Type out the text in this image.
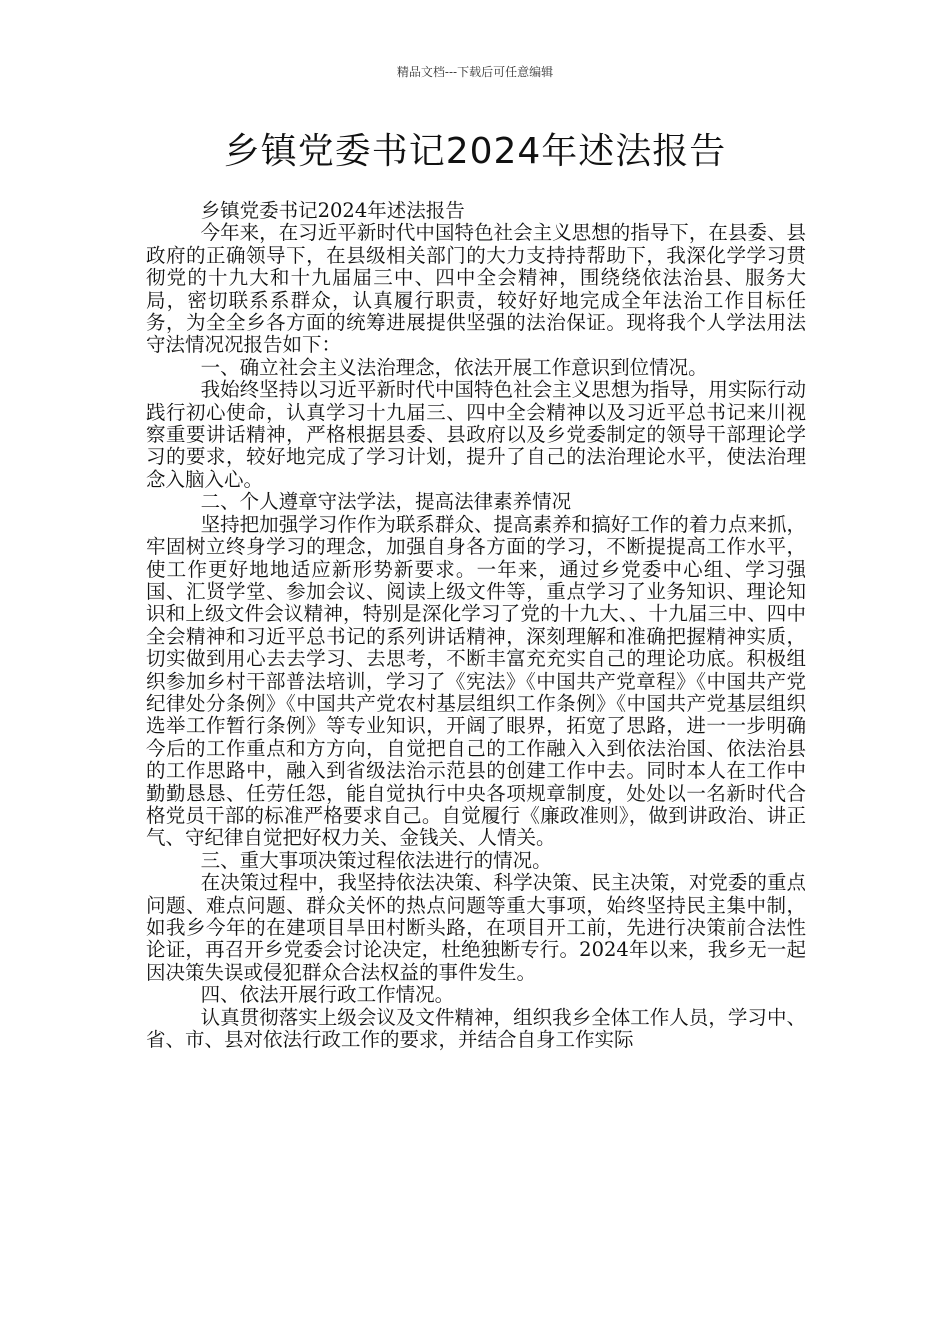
精品文档---下载后可任意编辑
乡镇党委书记2024年述法报告

乡镇党委书记2024年述法报告

今年来，在习近平新时代中国特色社会主义思想的指导下，在县委、县政府的正确领导下，在县级相关部门的大力支持持帮助下，我深化学学习贯彻党的十九大和十九届届三中、四中全会精神，围绕绕依法治县、服务大局，密切联系系群众，认真履行职责，较好好地完成全年法治工作目标任务，为全全乡各方面的统筹进展提供坚强的法治保证。现将我个人学法用法守法情况况报告如下：

一、确立社会主义法治理念，依法开展工作意识到位情况。

我始终坚持以习近平新时代中国特色社会主义思想为指导，用实际行动践行初心使命，认真学习十九届三、四中全会精神以及习近平总书记来川视察重要讲话精神，严格根据县委、县政府以及乡党委制定的领导干部理论学习的要求，较好地完成了学习计划，提升了自己的法治理论水平，使法治理念入脑入心。

二、个人遵章守法学法，提高法律素养情况

坚持把加强学习作作为联系群众、提高素养和搞好工作的着力点来抓，牢固树立终身学习的理念，加强自身各方面的学习，不断提提高工作水平，使工作更好地地适应新形势新要求。一年来，通过乡党委中心组、学习强国、汇贤学堂、参加会议、阅读上级文件等，重点学习了业务知识、理论知识和上级文件会议精神，特别是深化学习了党的十九大、、十九届三中、四中全会精神和习近平总书记的系列讲话精神，深刻理解和准确把握精神实质，切实做到用心去去学习、去思考，不断丰富充充实自己的理论功底。积极组织参加乡村干部普法培训，学习了《宪法》《中国共产党章程》《中国共产党纪律处分条例》《中国共产党农村基层组织工作条例》《中国共产党基层组织选举工作暂行条例》等专业知识，开阔了眼界，拓宽了思路，进一一步明确今后的工作重点和方方向，自觉把自己的工作融入入到依法治国、依法治县的工作思路中，融入到省级法治示范县的创建工作中去。同时本人在工作中勤勤恳恳、任劳任怨，能自觉执行中央各项规章制度，处处以一名新时代合格党员干部的标准严格要求自己。自觉履行《廉政准则》，做到讲政治、讲正气、守纪律自觉把好权力关、金钱关、人情关。

三、重大事项决策过程依法进行的情况。

在决策过程中，我坚持依法决策、科学决策、民主决策，对党委的重点问题、难点问题、群众关怀的热点问题等重大事项，始终坚持民主集中制，如我乡今年的在建项目旱田村断头路，在项目开工前，先进行决策前合法性论证，再召开乡党委会讨论决定，杜绝独断专行。2024年以来，我乡无一起因决策失误或侵犯群众合法权益的事件发生。

四、依法开展行政工作情况。

认真贯彻落实上级会议及文件精神，组织我乡全体工作人员，学习中、省、市、县对依法行政工作的要求，并结合自身工作实际
